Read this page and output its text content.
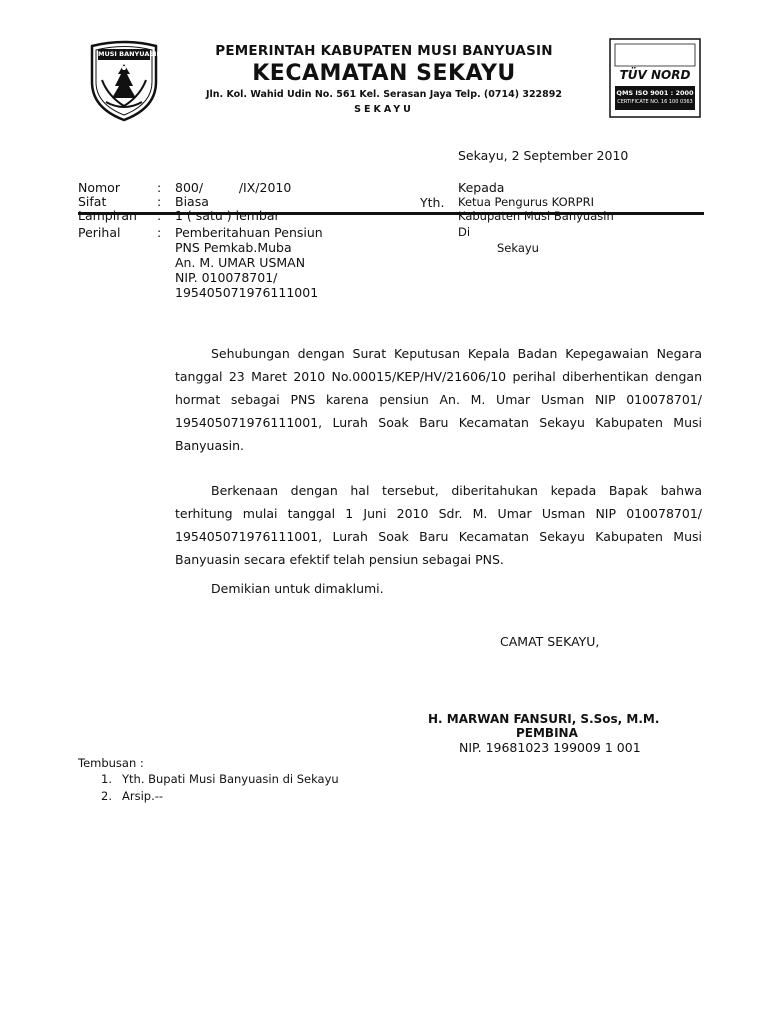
MUSI BANYUASIN
TÜV NORD
QMS ISO 9001 : 2000
CERTIFICATE NO. 16 100 0363
PEMERINTAH KABUPATEN MUSI BANYUASIN
KECAMATAN SEKAYU
Jln. Kol. Wahid Udin No. 561 Kel. Serasan Jaya Telp. (0714) 322892
SEKAYU
Sekayu, 2 September 2010
Nomor	: 800/         /IX/2010
Sifat	: Biasa
Lampiran : 1 ( satu ) lembar
Perihal	: Pemberitahuan Pensiun
PNS Pemkab.Muba
An. M. UMAR USMAN
NIP. 010078701/
195405071976111001
Yth.
Kepada
Ketua Pengurus KORPRI
Kabupaten Musi Banyuasin
Di
Sekayu

Sehubungan dengan Surat Keputusan Kepala Badan Kepegawaian Negara tanggal 23 Maret 2010 No.00015/KEP/HV/21606/10 perihal diberhentikan dengan hormat sebagai PNS karena pensiun An. M. Umar Usman NIP 010078701/ 195405071976111001, Lurah Soak Baru Kecamatan Sekayu Kabupaten Musi Banyuasin.

Berkenaan dengan hal tersebut, diberitahukan kepada Bapak bahwa terhitung mulai tanggal 1 Juni 2010 Sdr. M. Umar Usman NIP 010078701/ 195405071976111001, Lurah Soak Baru Kecamatan Sekayu Kabupaten Musi Banyuasin secara efektif telah pensiun sebagai PNS.

Demikian untuk dimaklumi.
CAMAT SEKAYU,
H. MARWAN FANSURI, S.Sos, M.M.
PEMBINA
NIP. 19681023 199009 1 001
Tembusan :
1. Yth. Bupati Musi Banyuasin di Sekayu
2. Arsip.--
